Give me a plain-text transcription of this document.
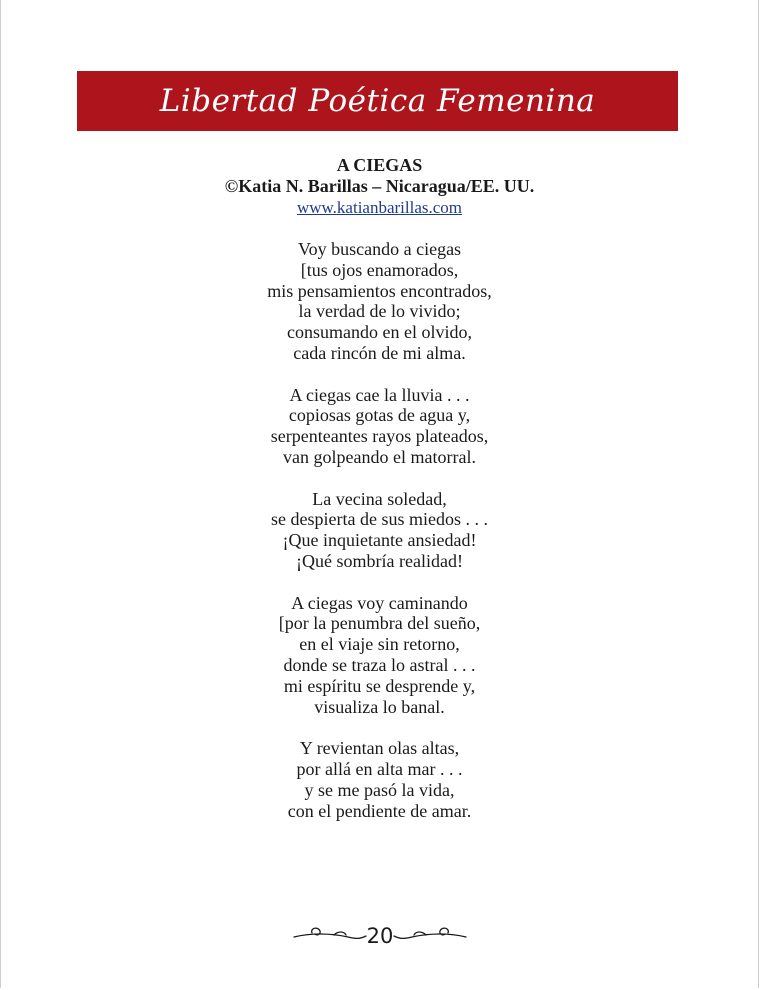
Libertad Poética Femenina

A CIEGAS

©Katia N. Barillas – Nicaragua/EE. UU.

www.katianbarillas.com
Voy buscando a ciegas
[tus ojos enamorados,
mis pensamientos encontrados,
la verdad de lo vivido;
consumando en el olvido,
cada rincón de mi alma.
A ciegas cae la lluvia . . .
copiosas gotas de agua y,
serpenteantes rayos plateados,
van golpeando el matorral.
La vecina soledad,
se despierta de sus miedos . . .
¡Que inquietante ansiedad!
¡Qué sombría realidad!
A ciegas voy caminando
[por la penumbra del sueño,
en el viaje sin retorno,
donde se traza lo astral . . .
mi espíritu se desprende y,
visualiza lo banal.
Y revientan olas altas,
por allá en alta mar . . .
y se me pasó la vida,
con el pendiente de amar.
20
